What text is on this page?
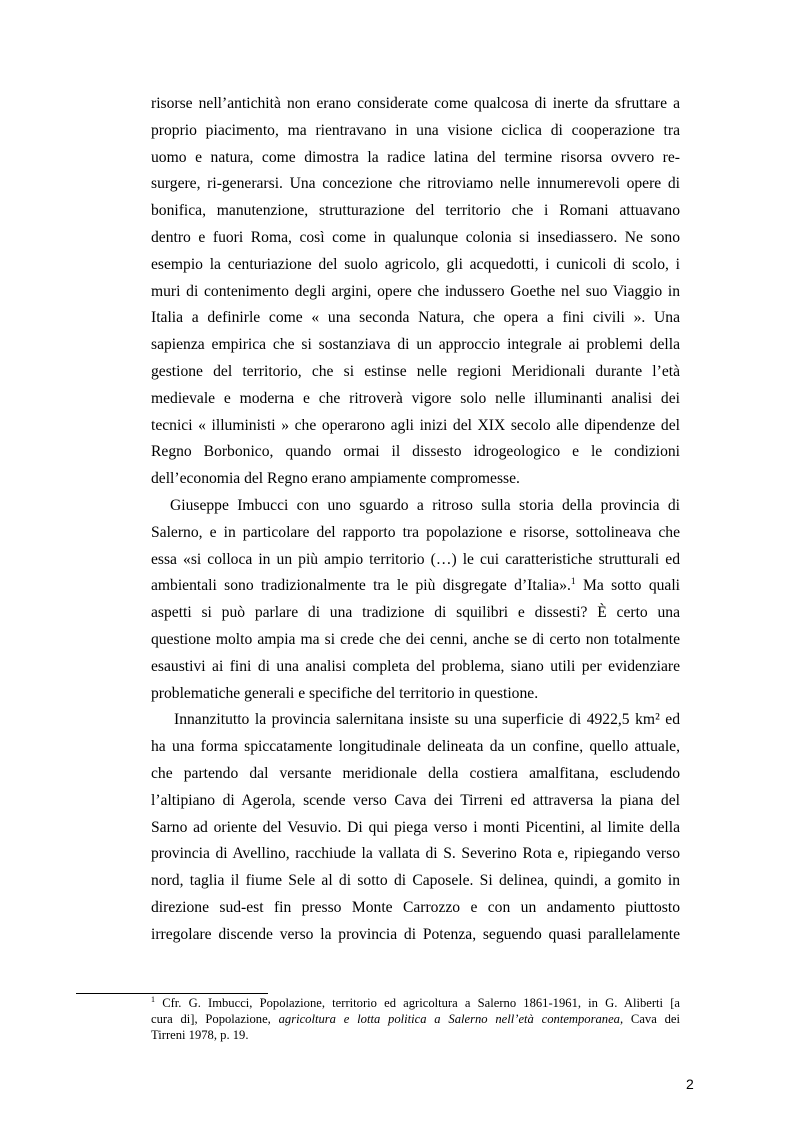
risorse nell’antichità non erano considerate come qualcosa di inerte da sfruttare a
proprio piacimento, ma rientravano in una visione ciclica di cooperazione tra
uomo e natura, come dimostra la radice latina del termine risorsa ovvero re-
surgere, ri-generarsi. Una concezione che ritroviamo nelle innumerevoli opere di
bonifica, manutenzione, strutturazione del territorio che i Romani attuavano
dentro e fuori Roma, così come in qualunque colonia si insediassero. Ne sono
esempio la centuriazione del suolo agricolo, gli acquedotti, i cunicoli di scolo, i
muri di contenimento degli argini, opere che indussero Goethe nel suo Viaggio in
Italia a definirle come « una seconda Natura, che opera a fini civili ». Una
sapienza empirica che si sostanziava di un approccio integrale ai problemi della
gestione del territorio, che si estinse nelle regioni Meridionali durante l’età
medievale e moderna e che ritroverà vigore solo nelle illuminanti analisi dei
tecnici « illuministi » che operarono agli inizi del XIX secolo alle dipendenze del
Regno Borbonico, quando ormai il dissesto idrogeologico e le condizioni
dell’economia del Regno erano ampiamente compromesse.
Giuseppe Imbucci con uno sguardo a ritroso sulla storia della provincia di
Salerno, e in particolare del rapporto tra popolazione e risorse, sottolineava che
essa «si colloca in un più ampio territorio (…) le cui caratteristiche strutturali ed
ambientali sono tradizionalmente tra le più disgregate d’Italia».$^1$ Ma sotto quali
aspetti si può parlare di una tradizione di squilibri e dissesti? È certo una
questione molto ampia ma si crede che dei cenni, anche se di certo non totalmente
esaustivi ai fini di una analisi completa del problema, siano utili per evidenziare
problematiche generali e specifiche del territorio in questione.
Innanzitutto la provincia salernitana insiste su una superficie di 4922,5 km² ed
ha una forma spiccatamente longitudinale delineata da un confine, quello attuale,
che partendo dal versante meridionale della costiera amalfitana, escludendo
l’altipiano di Agerola, scende verso Cava dei Tirreni ed attraversa la piana del
Sarno ad oriente del Vesuvio. Di qui piega verso i monti Picentini, al limite della
provincia di Avellino, racchiude la vallata di S. Severino Rota e, ripiegando verso
nord, taglia il fiume Sele al di sotto di Caposele. Si delinea, quindi, a gomito in
direzione sud-est fin presso Monte Carrozzo e con un andamento piuttosto
irregolare discende verso la provincia di Potenza, seguendo quasi parallelamente
$^1$ Cfr. G. Imbucci, Popolazione, territorio ed agricoltura a Salerno 1861-1961, in G. Aliberti [a
cura di], Popolazione, agricoltura e lotta politica a Salerno nell’età contemporanea, Cava dei
Tirreni 1978, p. 19.
2
